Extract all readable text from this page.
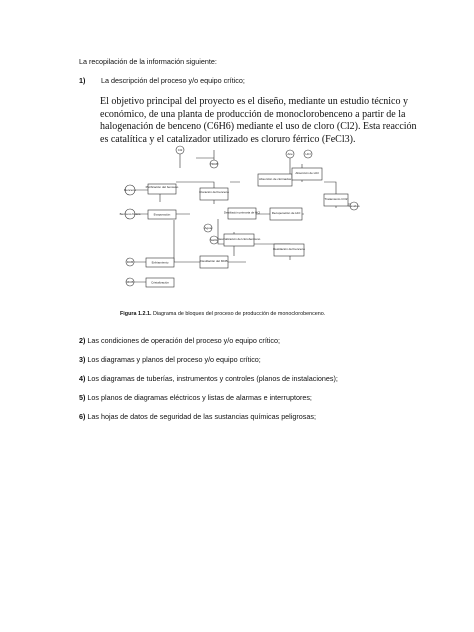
La recopilación de la información siguiente:
1) La descripción del proceso y/o equipo crítico;
El objetivo principal del proyecto es el diseño, mediante un estudio técnico y
económico, de una planta de producción de monoclorobenceno a partir de la
halogenación de benceno (C6H6) mediante el uso de cloro (Cl2). Esta reacción
es catalítica y el catalizador utilizado es cloruro férrico (FeCl3).
Purificación del benceno
Evaporación
Cloración del benceno
Destilación primaria de HCl
Absorción de clorinados
Absorción de HCl
Neutralización del clorobenceno
Recuperación de HCl
Destilación del benceno
Tratamiento CO2
Enfriamiento	Destilación del MCB
Cristalización
Cl2
Benceno
Benceno fresco
Agua
NaOH
Aire	HCl
Residuo
DCB
MCB
PDCB
Figura 1.2.1. Diagrama de bloques del proceso de producción de monoclorobenceno.
2) Las condiciones de operación del proceso y/o equipo crítico;
3) Los diagramas y planos del proceso y/o equipo crítico;
4) Los diagramas de tuberías, instrumentos y controles (planos de instalaciones);
5) Los planos de diagramas eléctricos y listas de alarmas e interruptores;
6) Las hojas de datos de seguridad de las sustancias químicas peligrosas;
